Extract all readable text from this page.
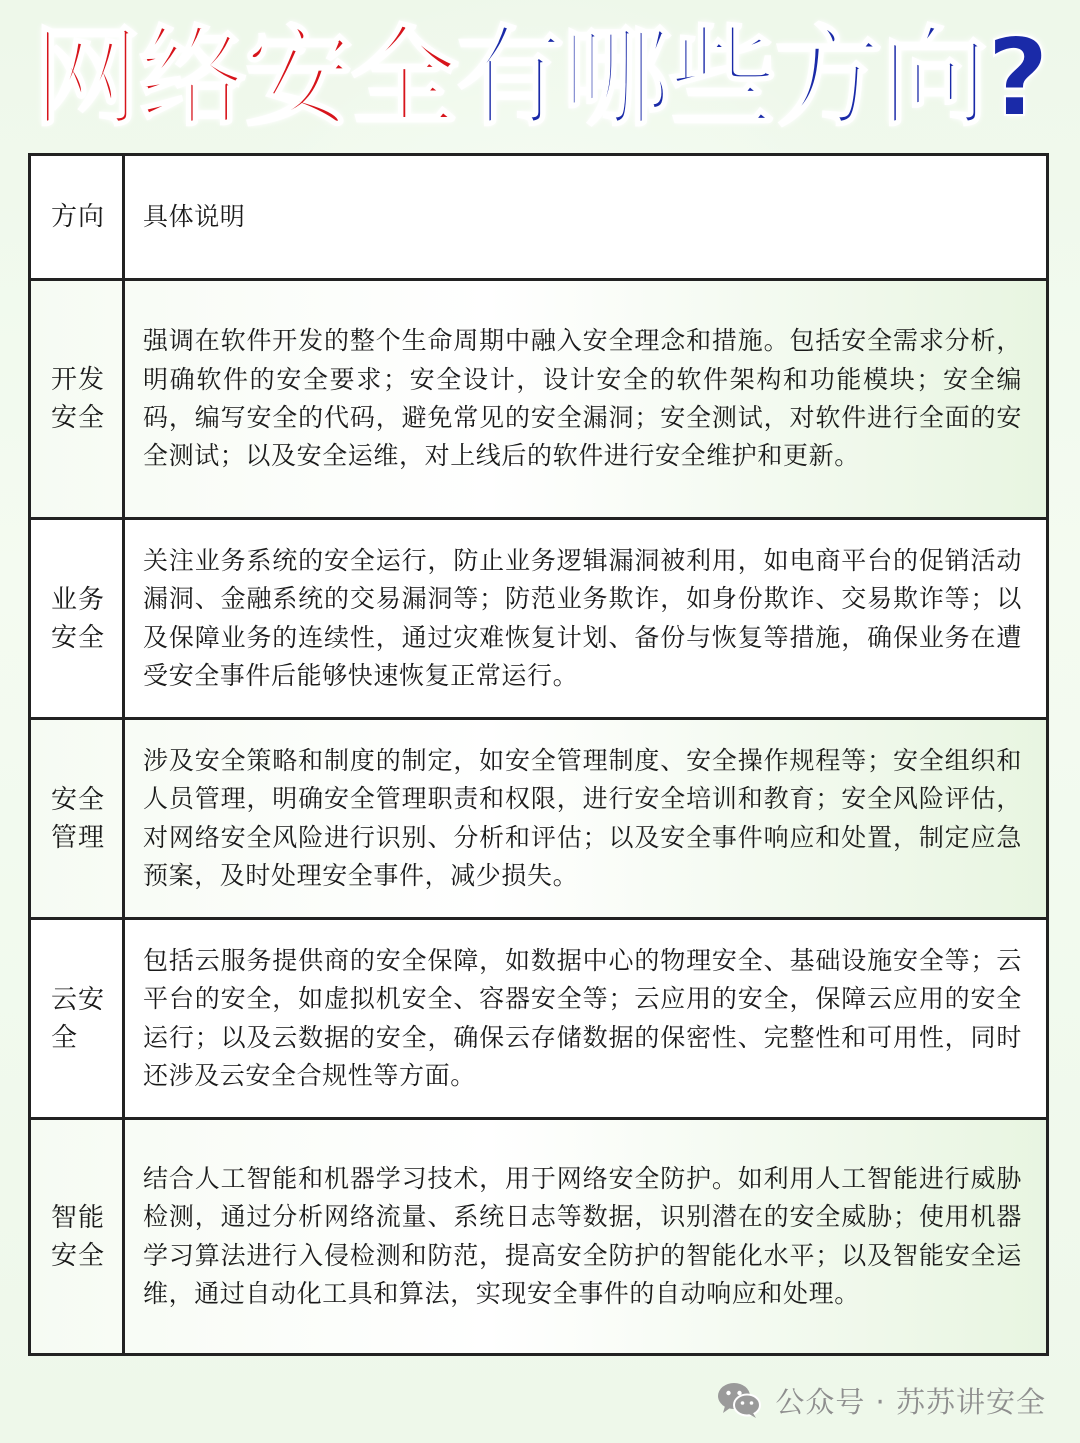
网络安全有哪些方向?
方向 具体说明
开发安全
强调在软件开发的整个生命周期中融入安全理念和措施。包括安全需求分析，明确软件的安全要求；安全设计，设计安全的软件架构和功能模块；安全编码，编写安全的代码，避免常见的安全漏洞；安全测试，对软件进行全面的安全测试；以及安全运维，对上线后的软件进行安全维护和更新。
业务安全
关注业务系统的安全运行，防止业务逻辑漏洞被利用，如电商平台的促销活动漏洞、金融系统的交易漏洞等；防范业务欺诈，如身份欺诈、交易欺诈等；以及保障业务的连续性，通过灾难恢复计划、备份与恢复等措施，确保业务在遭受安全事件后能够快速恢复正常运行。
安全管理
涉及安全策略和制度的制定，如安全管理制度、安全操作规程等；安全组织和人员管理，明确安全管理职责和权限，进行安全培训和教育；安全风险评估，对网络安全风险进行识别、分析和评估；以及安全事件响应和处置，制定应急预案，及时处理安全事件，减少损失。
云安全
包括云服务提供商的安全保障，如数据中心的物理安全、基础设施安全等；云平台的安全，如虚拟机安全、容器安全等；云应用的安全，保障云应用的安全运行；以及云数据的安全，确保云存储数据的保密性、完整性和可用性，同时还涉及云安全合规性等方面。
智能安全
结合人工智能和机器学习技术，用于网络安全防护。如利用人工智能进行威胁检测，通过分析网络流量、系统日志等数据，识别潜在的安全威胁；使用机器学习算法进行入侵检测和防范，提高安全防护的智能化水平；以及智能安全运维，通过自动化工具和算法，实现安全事件的自动响应和处理。
公众号 · 苏苏讲安全
